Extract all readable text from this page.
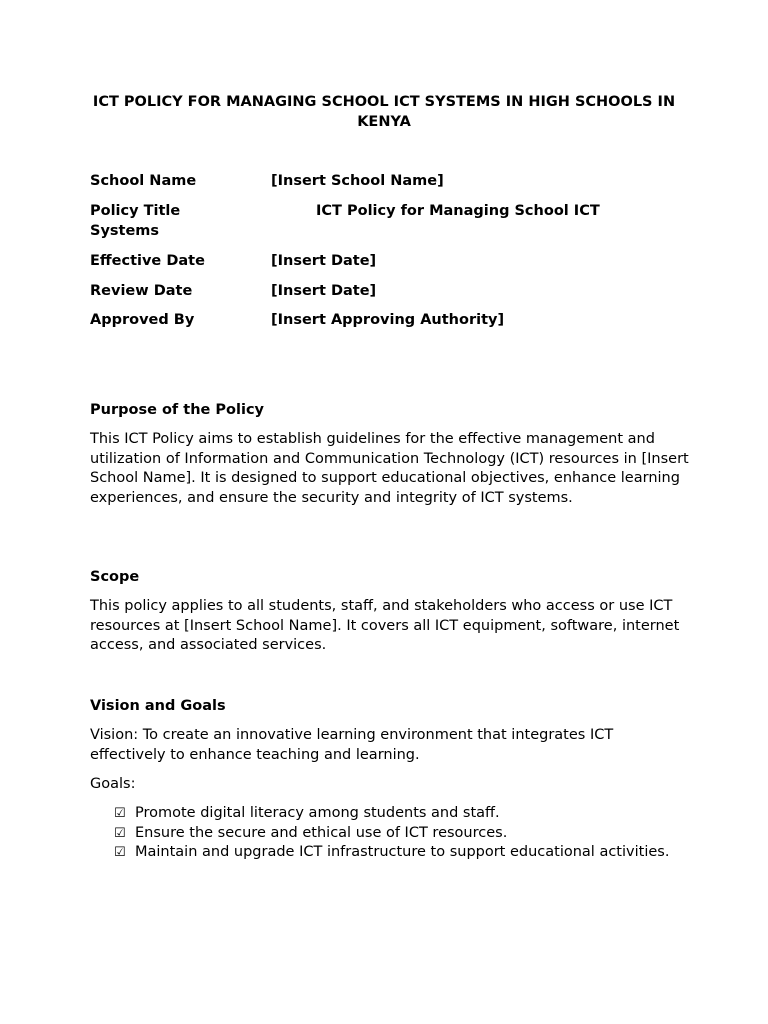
ICT POLICY FOR MANAGING SCHOOL ICT SYSTEMS IN HIGH SCHOOLS IN KENYA
School Name	[Insert School Name]
Policy Title	ICT Policy for Managing School ICT
Systems
Effective Date	[Insert Date]
Review Date	[Insert Date]
Approved By	[Insert Approving Authority]
Purpose of the Policy

This ICT Policy aims to establish guidelines for the effective management and utilization of Information and Communication Technology (ICT) resources in [Insert School Name]. It is designed to support educational objectives, enhance learning experiences, and ensure the security and integrity of ICT systems.

Scope

This policy applies to all students, staff, and stakeholders who access or use ICT resources at [Insert School Name]. It covers all ICT equipment, software, internet access, and associated services.

Vision and Goals

Vision: To create an innovative learning environment that integrates ICT effectively to enhance teaching and learning.

Goals:

☑ Promote digital literacy among students and staff.
☑ Ensure the secure and ethical use of ICT resources.
☑ Maintain and upgrade ICT infrastructure to support educational activities.
